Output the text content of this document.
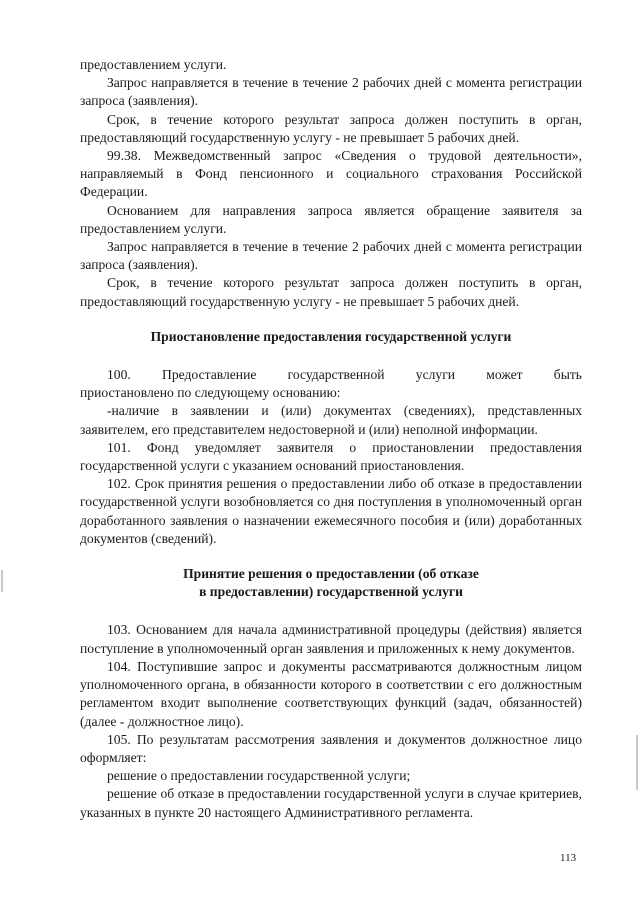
предоставлением услуги.

Запрос направляется в течение в течение 2 рабочих дней с момента регистрации запроса (заявления).

Срок, в течение которого результат запроса должен поступить в орган, предоставляющий государственную услугу - не превышает 5 рабочих дней.

99.38. Межведомственный запрос «Сведения о трудовой деятельности», направляемый в Фонд пенсионного и социального страхования Российской Федерации.

Основанием для направления запроса является обращение заявителя за предоставлением услуги.

Запрос направляется в течение в течение 2 рабочих дней с момента регистрации запроса (заявления).

Срок, в течение которого результат запроса должен поступить в орган, предоставляющий государственную услугу - не превышает 5 рабочих дней.

Приостановление предоставления государственной услуги
100. Предоставление государственной услуги может быть
приостановлено по следующему основанию:

-наличие в заявлении и (или) документах (сведениях), представленных заявителем, его представителем недостоверной и (или) неполной информации.

101. Фонд уведомляет заявителя о приостановлении предоставления государственной услуги с указанием оснований приостановления.

102. Срок принятия решения о предоставлении либо об отказе в предоставлении государственной услуги возобновляется со дня поступления в уполномоченный орган доработанного заявления о назначении ежемесячного пособия и (или) доработанных документов (сведений).

Принятие решения о предоставлении (об отказе
в предоставлении) государственной услуги

103. Основанием для начала административной процедуры (действия) является поступление в уполномоченный орган заявления и приложенных к нему документов.

104. Поступившие запрос и документы рассматриваются должностным лицом уполномоченного органа, в обязанности которого в соответствии с его должностным регламентом входит выполнение соответствующих функций (задач, обязанностей) (далее - должностное лицо).

105. По результатам рассмотрения заявления и документов должностное лицо оформляет:

решение о предоставлении государственной услуги;

решение об отказе в предоставлении государственной услуги в случае критериев, указанных в пункте 20 настоящего Административного регламента.

113
